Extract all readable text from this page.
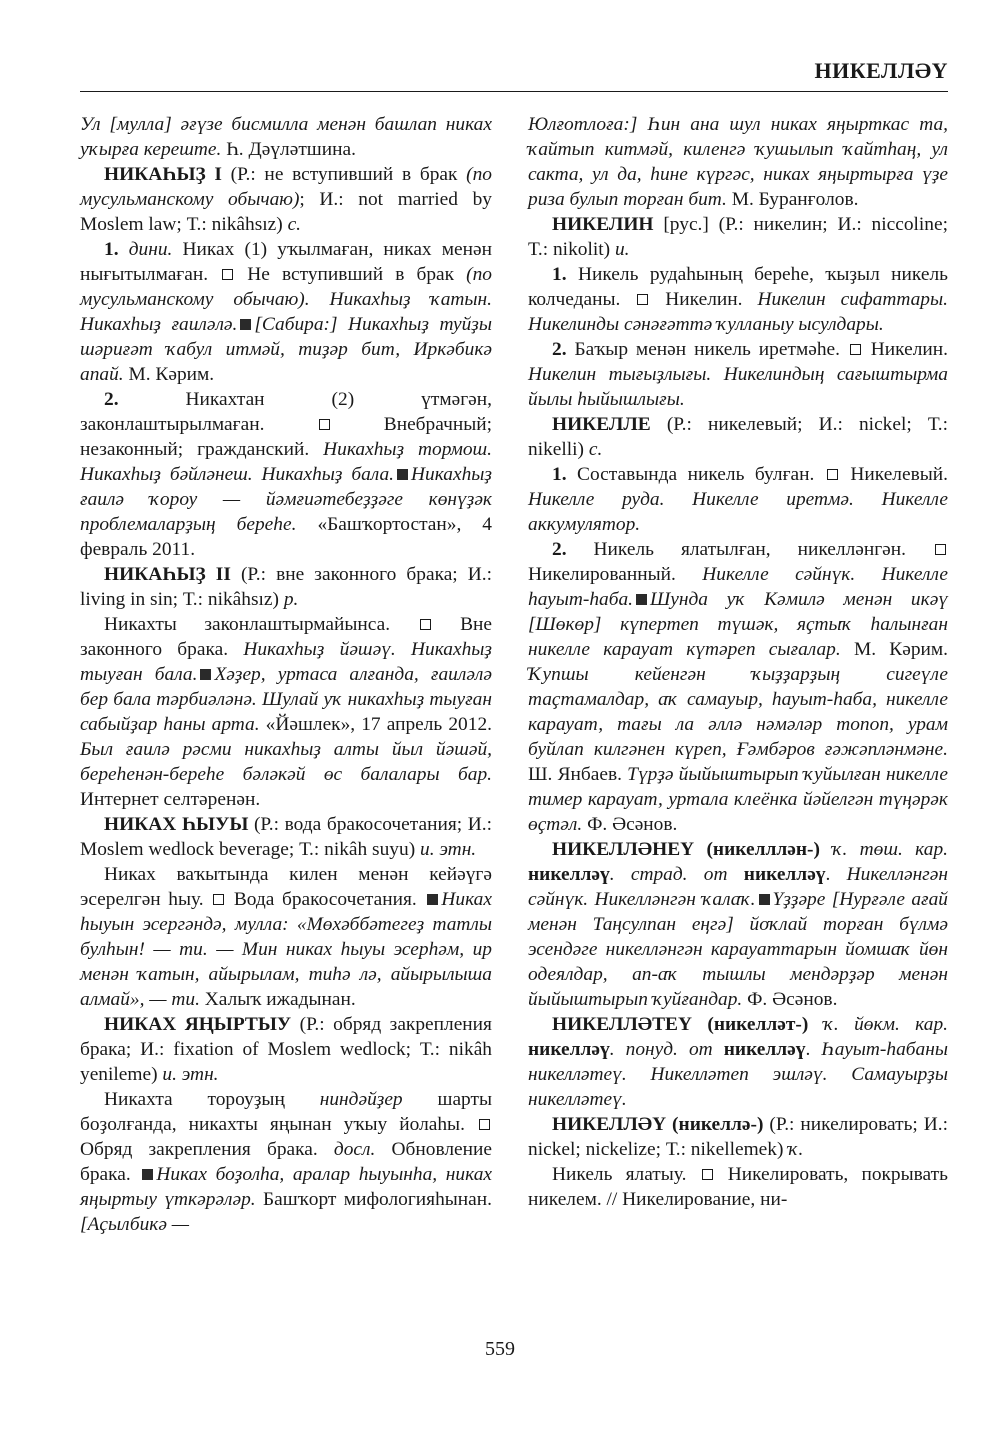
НИКЕЛЛӘҮ

Ул [мулла] әғүзе бисмилла менән башлап никах уҡырға кереште. Һ. Дәүләтшина.

НИКАҺЫҘ I (Р.: не вступивший в брак (по мусульманскому обычаю); И.: not married by Moslem law; Т.: nikâhsız) с.

1. дини. Никах (1) уҡылмаған, никах менән нығытылмаған.  Не вступивший в брак (по мусульманскому обычаю). Никахһыҙ ҡатын. Никахһыҙ ғаиләлә. [Сабира:] Никахһыҙ туйҙы шәриғәт ҡабул итмәй, тиҙәр бит, Иркәбикә апай. М. Кәрим.

2. Никахтан (2) үтмәгән, законлаштырылмаған.  Внебрачный; незаконный; гражданский. Никахһыҙ тормош. Никахһыҙ бәйләнеш. Никахһыҙ бала. Никахһыҙ ғаилә ҡороу — йәмғиәтебеҙҙәге көнүҙәк проблемаларҙың береһе. «Башҡортостан», 4 февраль 2011.

НИКАҺЫҘ II (Р.: вне законного брака; И.: living in sin; Т.: nikâhsız) р.

Никахты законлаштырмайынса.  Вне законного брака. Никахһыҙ йәшәү. Никахһыҙ тыуған бала. Хәҙер, уртаса алғанда, ғаиләлә бер бала тәрбиәләнә. Шулай уҡ никахһыҙ тыуған сабыйҙар һаны арта. «Йәшлек», 17 апрель 2012. Был ғаилә рәсми никахһыҙ алты йыл йәшәй, береһенән-береһе бәләкәй өс балалары бар. Интернет селтәренән.

НИКАХ ҺЫУЫ (Р.: вода бракосочетания; И.: Moslem wedlock beverage; Т.: nikâh suyu) и. этн.

Никах ваҡытында килен менән кейәүгә эсерелгән һыу.  Вода бракосочетания. Никах һыуын эсергәндә, мулла: «Мөхәббәтегеҙ татлы булһын! — ти. — Мин никах һыуы эсерһәм, ир менән ҡатын, айырылам, тиһә лә, айырылыша алмай», — ти. Халыҡ ижадынан.

НИКАХ ЯҢЫРТЫУ (Р.: обряд закрепления брака; И.: fixation of Moslem wedlock; Т.: nikâh yenileme) и. этн.

Никахта тороуҙың ниндәйҙер шарты боҙолғанда, никахты яңынан уҡыу йолаһы.  Обряд закрепления брака. досл. Обновление брака. Никах боҙолһа, аралар һыуынһа, никах яңыртыу үткәрәләр. Башҡорт мифологияһынан. [Аҫылбикә —

Юлғотлоға:] Һин ана шул никах яңырткас та, ҡайтып китмәй, киленгә ҡушылып ҡайтһаң, ул сакта, ул да, һине күргәс, никах яңыртырға үҙе риза булып торған бит. М. Буранғолов.

НИКЕЛИН [рус.] (Р.: никелин; И.: niccoline; Т.: nikolit) и.

1. Никель рудаһының береһе, ҡыҙыл никель колчеданы.  Никелин. Никелин сифаттары. Никелинды сәнәғәттә ҡулланыу ысулдары.

2. Баҡыр менән никель иретмәһе.  Никелин. Никелин тығыҙлығы. Никелиндың сағыштырма йылы һыйышлығы.

НИКЕЛЛЕ (Р.: никелевый; И.: nickel; Т.: nikelli) с.

1. Составында никель булған.  Никелевый. Никелле руда. Никелле иретмә. Никелле аккумулятор.

2. Никель ялатылған, никелләнгән.  Никелированный. Никелле сәйнүк. Никелле һауыт-һаба. Шунда уҡ Кәмилә менән икәү [Шөкөр] күпертеп түшәк, яҫтыҡ һалынған никелле карауат күтәреп сығалар. М. Кәрим. Ҡупшы кейенгән ҡыҙҙарҙың сигеүле таҫтамалдар, аҡ самауыр, һауыт-һаба, никелле карауат, тағы ла әллә нәмәләр топоп, урам буйлап килгәнен күреп, Ғәмбәров ғәжәпләнмәне. Ш. Янбаев. Түрҙә йыйыштырып ҡуйылған никелле тимер карауат, уртала клеёнка йәйелгән түңәрәк өҫтәл. Ф. Әсәнов.

НИКЕЛЛӘНЕҮ (никелллән-) ҡ. төш. кар. никелләү. страд. от никелләү. Никелләнгән сәйнүк. Никелләнгән ҡалаҡ. Үҙҙәре [Нурғәле ағай менән Таңсулпан еңгә] йоҡлай торған бүлмә эсендәге никелләнгән карауаттарын йомшаҡ йөн одеялдар, ап-аҡ тышлы мендәрҙәр менән йыйыштырып ҡуйғандар. Ф. Әсәнов.

НИКЕЛЛӘТЕҮ (никелләт-) ҡ. йөкм. кар. никелләү. понуд. от никелләү. Һауыт-һабаны никелләтеү. Никелләтеп эшләү. Самауырҙы никелләтеү.

НИКЕЛЛӘҮ (никеллә-) (Р.: никелировать; И.: nickel; nickelize; Т.: nikellemek) ҡ.

Никель ялатыу.  Никелировать, покрывать никелем. // Никелирование, ни-

559
